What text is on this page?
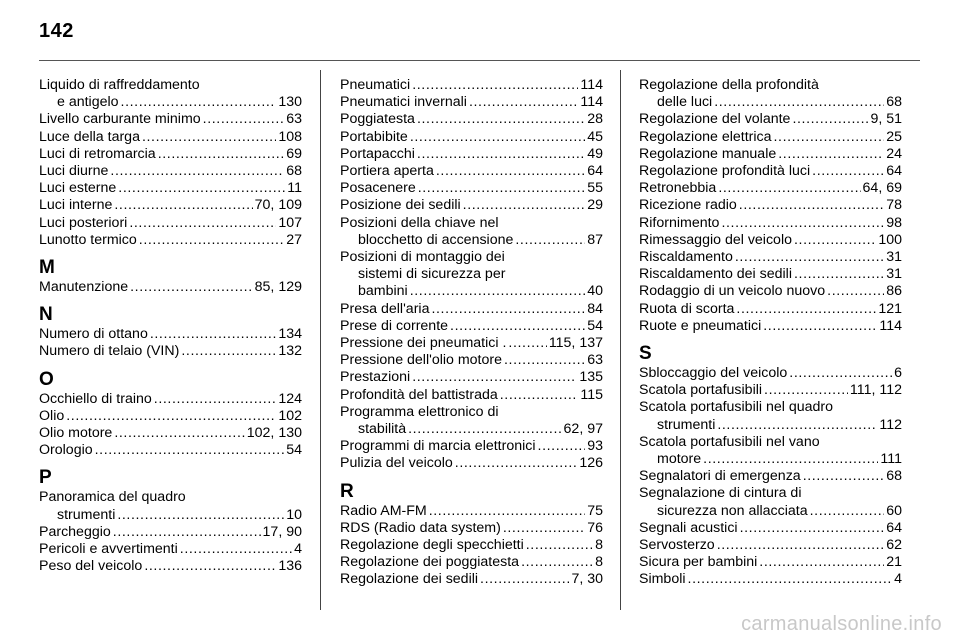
142
Liquido di raffreddamento
e antigelo .....	130
Livello carburante minimo .....	63
Luce della targa .....	108
Luci di retromarcia .....	69
Luci diurne .....	68
Luci esterne .....	11
Luci interne .....	70, 109
Luci posteriori .....	107
Lunotto termico .....	27
M
Manutenzione .....	85, 129
N
Numero di ottano .....	134
Numero di telaio (VIN) .....	132
O
Occhiello di traino .....	124
Olio .....	102
Olio motore .....	102, 130
Orologio .....	54
P
Panoramica del quadro
strumenti .....	10
Parcheggio .....	17, 90
Pericoli e avvertimenti .....	4
Peso del veicolo .....	136
Pneumatici .....	114
Pneumatici invernali .....	114
Poggiatesta .....	28
Portabibite .....	45
Portapacchi .....	49
Portiera aperta .....	64
Posacenere .....	55
Posizione dei sedili .....	29
Posizioni della chiave nel
blocchetto di accensione .....	87
Posizioni di montaggio dei
sistemi di sicurezza per
bambini .....	40
Presa dell'aria .....	84
Prese di corrente .....	54
Pressione dei pneumatici . .....	115, 137
Pressione dell'olio motore .....	63
Prestazioni .....	135
Profondità del battistrada .....	115
Programma elettronico di
stabilità .....	62, 97
Programmi di marcia elettronici .....	93
Pulizia del veicolo .....	126
R
Radio AM-FM .....	75
RDS (Radio data system) .....	76
Regolazione degli specchietti .....	8
Regolazione dei poggiatesta .....	8
Regolazione dei sedili .....	7, 30
Regolazione della profondità
delle luci .....	68
Regolazione del volante .....	9, 51
Regolazione elettrica .....	25
Regolazione manuale .....	24
Regolazione profondità luci .....	64
Retronebbia .....	64, 69
Ricezione radio .....	78
Rifornimento .....	98
Rimessaggio del veicolo .....	100
Riscaldamento .....	31
Riscaldamento dei sedili .....	31
Rodaggio di un veicolo nuovo .....	86
Ruota di scorta .....	121
Ruote e pneumatici .....	114
S
Sbloccaggio del veicolo .....	6
Scatola portafusibili .....	111, 112
Scatola portafusibili nel quadro
strumenti .....	112
Scatola portafusibili nel vano
motore .....	111
Segnalatori di emergenza .....	68
Segnalazione di cintura di
sicurezza non allacciata .....	60
Segnali acustici .....	64
Servosterzo .....	62
Sicura per bambini .....	21
Simboli .....	4
carmanualsonline.info
